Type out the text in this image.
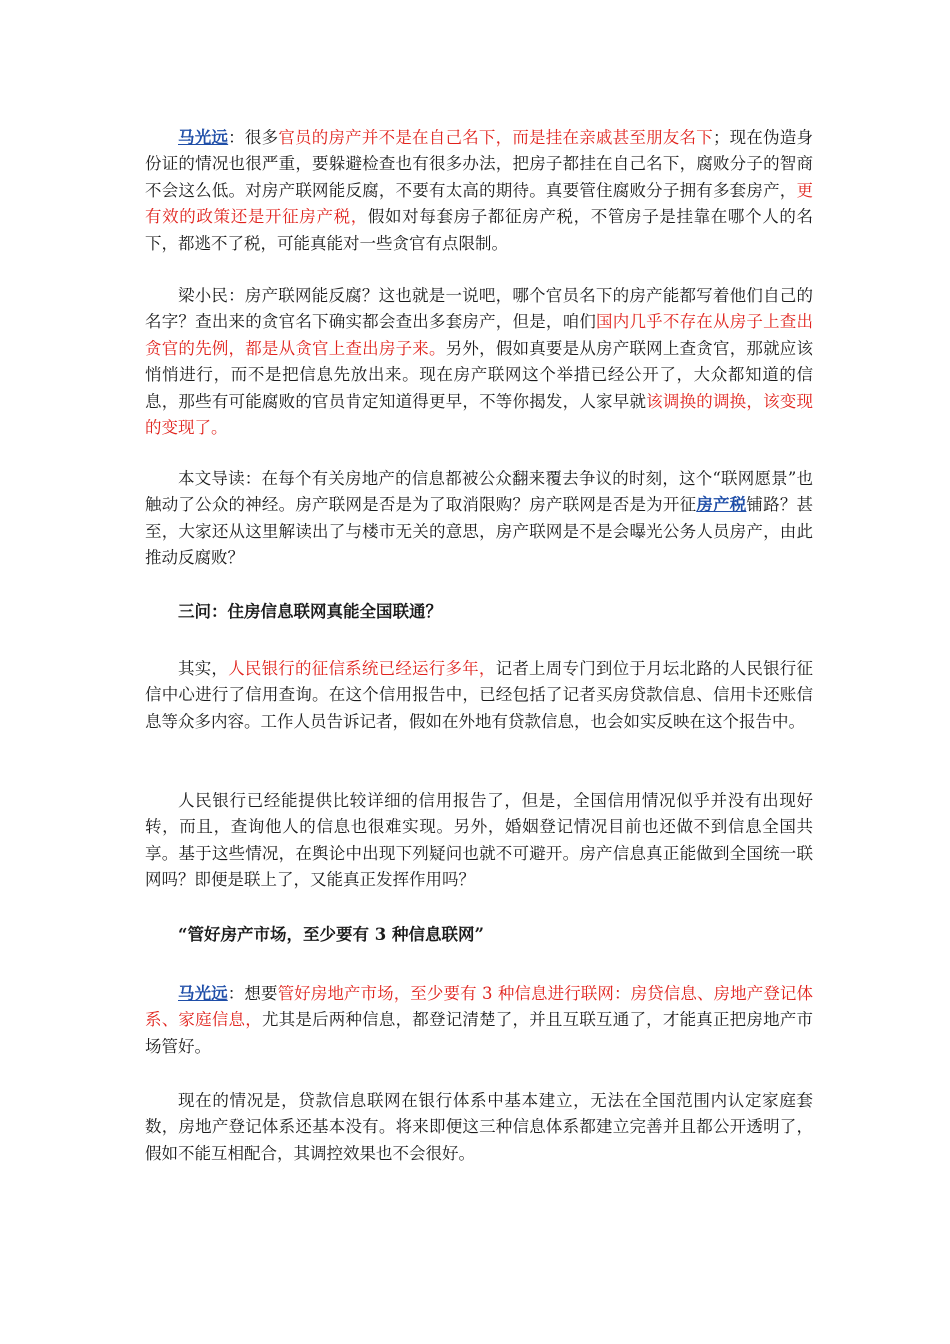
马光远：很多官员的房产并不是在自己名下，而是挂在亲戚甚至朋友名下；现在伪造身份证的情况也很严重，要躲避检查也有很多办法，把房子都挂在自己名下，腐败分子的智商不会这么低。对房产联网能反腐，不要有太高的期待。真要管住腐败分子拥有多套房产，更有效的政策还是开征房产税，假如对每套房子都征房产税，不管房子是挂靠在哪个人的名下，都逃不了税，可能真能对一些贪官有点限制。

梁小民：房产联网能反腐？这也就是一说吧，哪个官员名下的房产能都写着他们自己的名字？查出来的贪官名下确实都会查出多套房产，但是，咱们国内几乎不存在从房子上查出贪官的先例，都是从贪官上查出房子来。另外，假如真要是从房产联网上查贪官，那就应该悄悄进行，而不是把信息先放出来。现在房产联网这个举措已经公开了，大众都知道的信息，那些有可能腐败的官员肯定知道得更早，不等你揭发，人家早就该调换的调换，该变现的变现了。

本文导读：在每个有关房地产的信息都被公众翻来覆去争议的时刻，这个“联网愿景”也触动了公众的神经。房产联网是否是为了取消限购？房产联网是否是为开征房产税铺路？甚至，大家还从这里解读出了与楼市无关的意思，房产联网是不是会曝光公务人员房产，由此推动反腐败？

三问：住房信息联网真能全国联通？

其实，人民银行的征信系统已经运行多年，记者上周专门到位于月坛北路的人民银行征信中心进行了信用查询。在这个信用报告中，已经包括了记者买房贷款信息、信用卡还账信息等众多内容。工作人员告诉记者，假如在外地有贷款信息，也会如实反映在这个报告中。

人民银行已经能提供比较详细的信用报告了，但是，全国信用情况似乎并没有出现好转，而且，查询他人的信息也很难实现。另外，婚姻登记情况目前也还做不到信息全国共享。基于这些情况，在舆论中出现下列疑问也就不可避开。房产信息真正能做到全国统一联网吗？即便是联上了，又能真正发挥作用吗？

“管好房产市场，至少要有 3 种信息联网”

马光远：想要管好房地产市场，至少要有 3 种信息进行联网：房贷信息、房地产登记体系、家庭信息，尤其是后两种信息，都登记清楚了，并且互联互通了，才能真正把房地产市场管好。

现在的情况是，贷款信息联网在银行体系中基本建立，无法在全国范围内认定家庭套数，房地产登记体系还基本没有。将来即便这三种信息体系都建立完善并且都公开透明了，假如不能互相配合，其调控效果也不会很好。
